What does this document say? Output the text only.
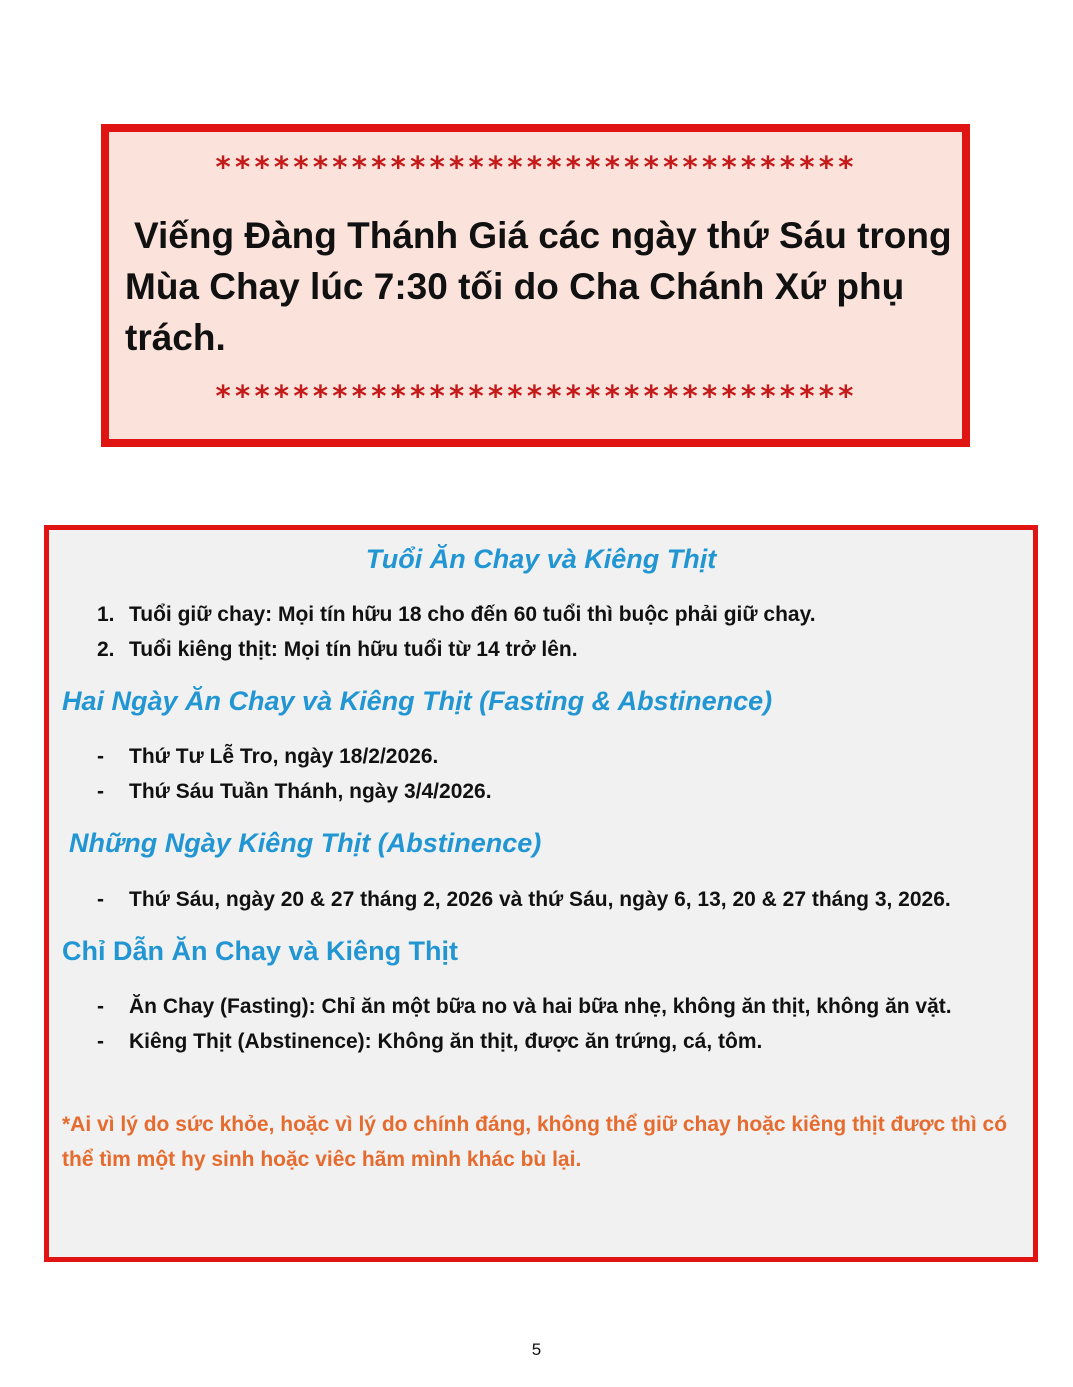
*********************************
Viếng Đàng Thánh Giá các ngày thứ Sáu trong
Mùa Chay lúc 7:30 tối do Cha Chánh Xứ phụ
trách.
*********************************
Tuổi Ăn Chay và Kiêng Thịt
1. Tuổi giữ chay: Mọi tín hữu 18 cho đến 60 tuổi thì buộc phải giữ chay.
2. Tuổi kiêng thịt: Mọi tín hữu tuổi từ 14 trở lên.
Hai Ngày Ăn Chay và Kiêng Thịt (Fasting & Abstinence)
- Thứ Tư Lễ Tro, ngày 18/2/2026.
- Thứ Sáu Tuần Thánh, ngày 3/4/2026.
Những Ngày Kiêng Thịt (Abstinence)
- Thứ Sáu, ngày 20 & 27 tháng 2, 2026 và thứ Sáu, ngày 6, 13, 20 & 27 tháng 3, 2026.
Chỉ Dẫn Ăn Chay và Kiêng Thịt
- Ăn Chay (Fasting): Chỉ ăn một bữa no và hai bữa nhẹ, không ăn thịt, không ăn vặt.
- Kiêng Thịt (Abstinence): Không ăn thịt, được ăn trứng, cá, tôm.
*Ai vì lý do sức khỏe, hoặc vì lý do chính đáng, không thể giữ chay hoặc kiêng thịt được thì có
thể tìm một hy sinh hoặc viêc hãm mình khác bù lại.
5
